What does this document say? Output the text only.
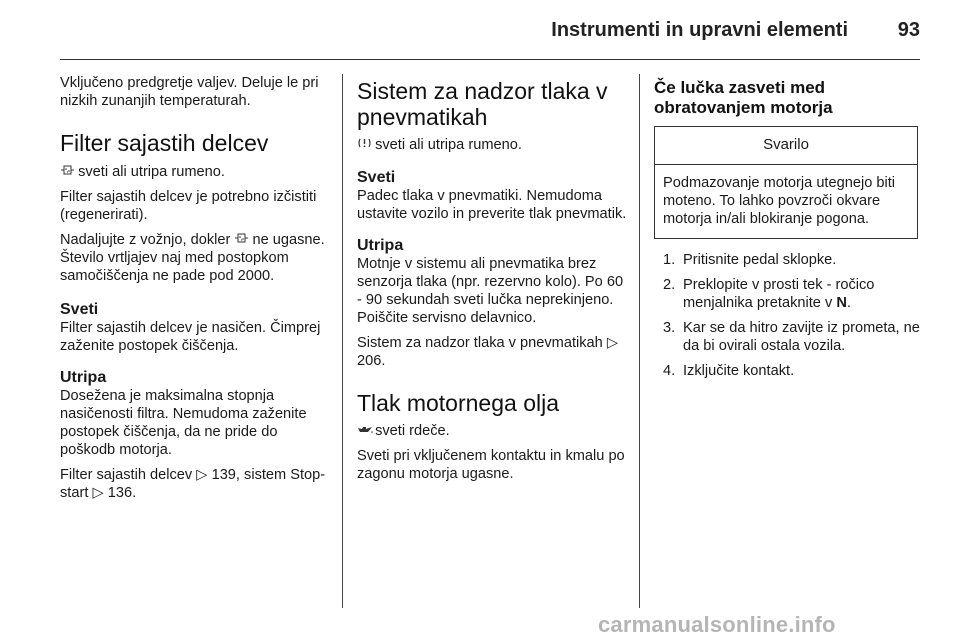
Instrumenti in upravni elementi 93

Vključeno predgretje valjev. Deluje le pri nizkih zunanjih temperaturah.

Filter sajastih delcev

sveti ali utripa rumeno.

Filter sajastih delcev je potrebno izčistiti (regenerirati).

Nadaljujte z vožnjo, dokler ne ugasne. Število vrtljajev naj med postopkom samočiščenja ne pade pod 2000.

Sveti

Filter sajastih delcev je nasičen. Čimprej zaženite postopek čiščenja.

Utripa

Dosežena je maksimalna stopnja nasičenosti filtra. Nemudoma zaženite postopek čiščenja, da ne pride do poškodb motorja.

Filter sajastih delcev ▷ 139, sistem Stop-start ▷ 136.

Sistem za nadzor tlaka v pnevmatikah

sveti ali utripa rumeno.

Sveti

Padec tlaka v pnevmatiki. Nemudoma ustavite vozilo in preverite tlak pnevmatik.

Utripa

Motnje v sistemu ali pnevmatika brez senzorja tlaka (npr. rezervno kolo). Po 60 - 90 sekundah sveti lučka neprekinjeno. Poiščite servisno delavnico.

Sistem za nadzor tlaka v pnevmatikah ▷ 206.

Tlak motornega olja

sveti rdeče.

Sveti pri vključenem kontaktu in kmalu po zagonu motorja ugasne.

Če lučka zasveti med obratovanjem motorja
Svarilo
Podmazovanje motorja utegnejo biti moteno. To lahko povzroči okvare motorja in/ali blokiranje pogona.
1. Pritisnite pedal sklopke.
2. Preklopite v prosti tek - ročico menjalnika pretaknite v N.
3. Kar se da hitro zavijte iz prometa, ne da bi ovirali ostala vozila.
4. Izključite kontakt.
carmanualsonline.info
